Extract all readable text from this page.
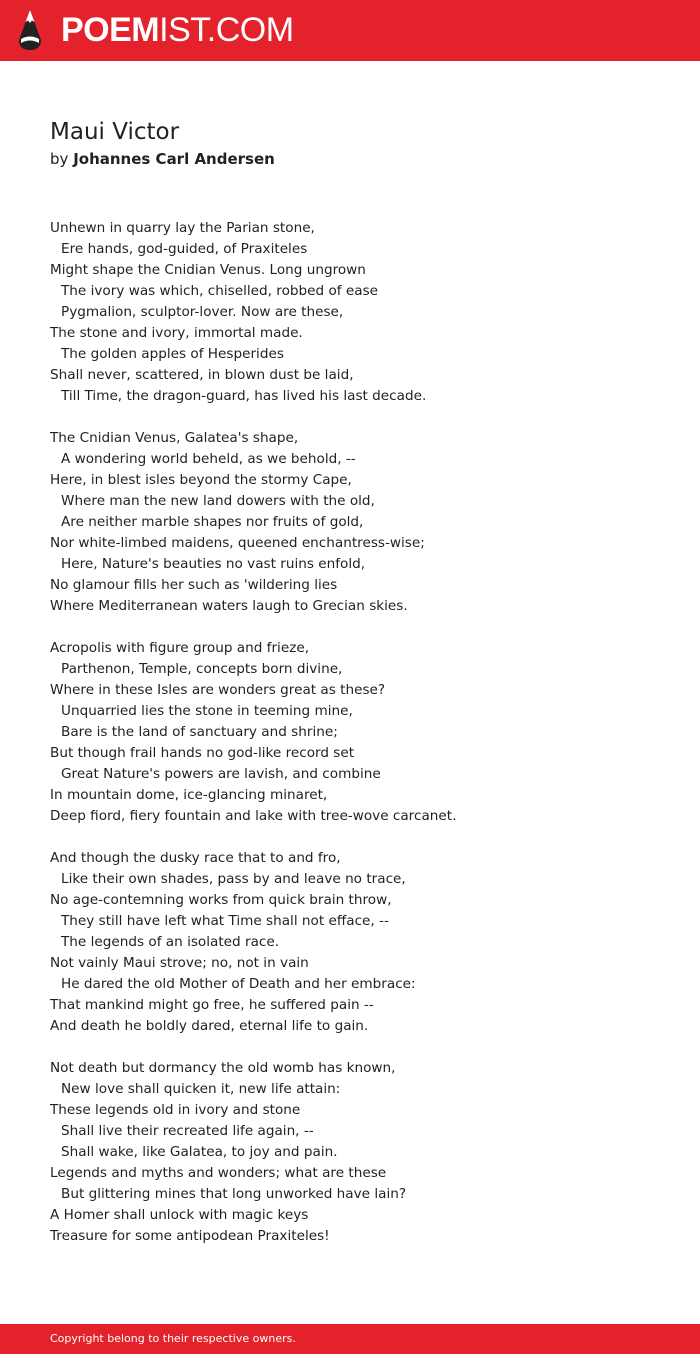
POEMIST.COM
Maui Victor
by Johannes Carl Andersen
Unhewn in quarry lay the Parian stone,
Ere hands, god-guided, of Praxiteles
Might shape the Cnidian Venus. Long ungrown
The ivory was which, chiselled, robbed of ease
Pygmalion, sculptor-lover. Now are these,
The stone and ivory, immortal made.
The golden apples of Hesperides
Shall never, scattered, in blown dust be laid,
Till Time, the dragon-guard, has lived his last decade.
The Cnidian Venus, Galatea's shape,
A wondering world beheld, as we behold, --
Here, in blest isles beyond the stormy Cape,
Where man the new land dowers with the old,
Are neither marble shapes nor fruits of gold,
Nor white-limbed maidens, queened enchantress-wise;
Here, Nature's beauties no vast ruins enfold,
No glamour fills her such as 'wildering lies
Where Mediterranean waters laugh to Grecian skies.
Acropolis with figure group and frieze,
Parthenon, Temple, concepts born divine,
Where in these Isles are wonders great as these?
Unquarried lies the stone in teeming mine,
Bare is the land of sanctuary and shrine;
But though frail hands no god-like record set
Great Nature's powers are lavish, and combine
In mountain dome, ice-glancing minaret,
Deep fiord, fiery fountain and lake with tree-wove carcanet.
And though the dusky race that to and fro,
Like their own shades, pass by and leave no trace,
No age-contemning works from quick brain throw,
They still have left what Time shall not efface, --
The legends of an isolated race.
Not vainly Maui strove; no, not in vain
He dared the old Mother of Death and her embrace:
That mankind might go free, he suffered pain --
And death he boldly dared, eternal life to gain.
Not death but dormancy the old womb has known,
New love shall quicken it, new life attain:
These legends old in ivory and stone
Shall live their recreated life again, --
Shall wake, like Galatea, to joy and pain.
Legends and myths and wonders; what are these
But glittering mines that long unworked have lain?
A Homer shall unlock with magic keys
Treasure for some antipodean Praxiteles!
Copyright belong to their respective owners.
